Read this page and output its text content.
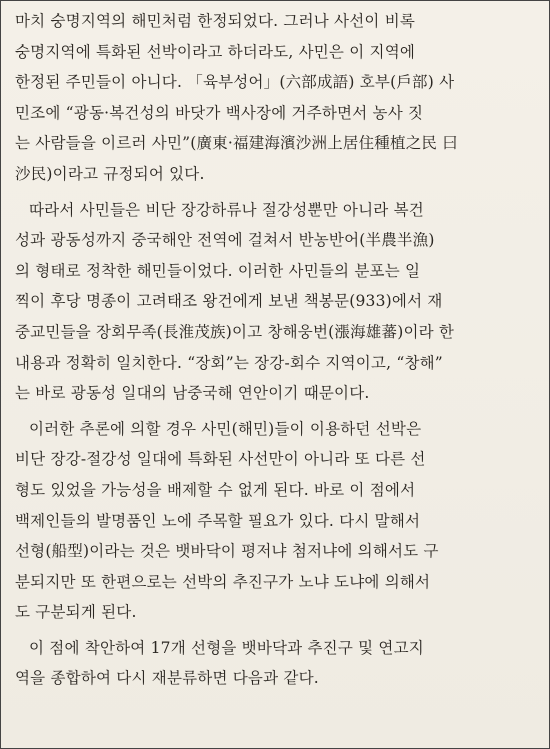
마치 숭명지역의 해민처럼 한정되었다. 그러나 사선이 비록
숭명지역에 특화된 선박이라고 하더라도, 사민은 이 지역에
한정된 주민들이 아니다. 「육부성어」(六部成語) 호부(戶部) 사
민조에 “광동·복건성의 바닷가 백사장에 거주하면서 농사 짓
는 사람들을 이르러 사민”(廣東·福建海濱沙洲上居住種植之民 曰
沙民)이라고 규정되어 있다.
따라서 사민들은 비단 장강하류나 절강성뿐만 아니라 복건
성과 광동성까지 중국해안 전역에 걸쳐서 반농반어(半農半漁)
의 형태로 정착한 해민들이었다. 이러한 사민들의 분포는 일
찍이 후당 명종이 고려태조 왕건에게 보낸 책봉문(933)에서 재
중교민들을 장회무족(長淮茂族)이고 창해웅번(漲海雄蕃)이라 한
내용과 정확히 일치한다. “장회”는 장강-회수 지역이고, “창해”
는 바로 광동성 일대의 남중국해 연안이기 때문이다.
이러한 추론에 의할 경우 사민(해민)들이 이용하던 선박은
비단 장강-절강성 일대에 특화된 사선만이 아니라 또 다른 선
형도 있었을 가능성을 배제할 수 없게 된다. 바로 이 점에서
백제인들의 발명품인 노에 주목할 필요가 있다. 다시 말해서
선형(船型)이라는 것은 뱃바닥이 평저냐 첨저냐에 의해서도 구
분되지만 또 한편으로는 선박의 추진구가 노냐 도냐에 의해서
도 구분되게 된다.
이 점에 착안하여 17개 선형을 뱃바닥과 추진구 및 연고지
역을 종합하여 다시 재분류하면 다음과 같다.
